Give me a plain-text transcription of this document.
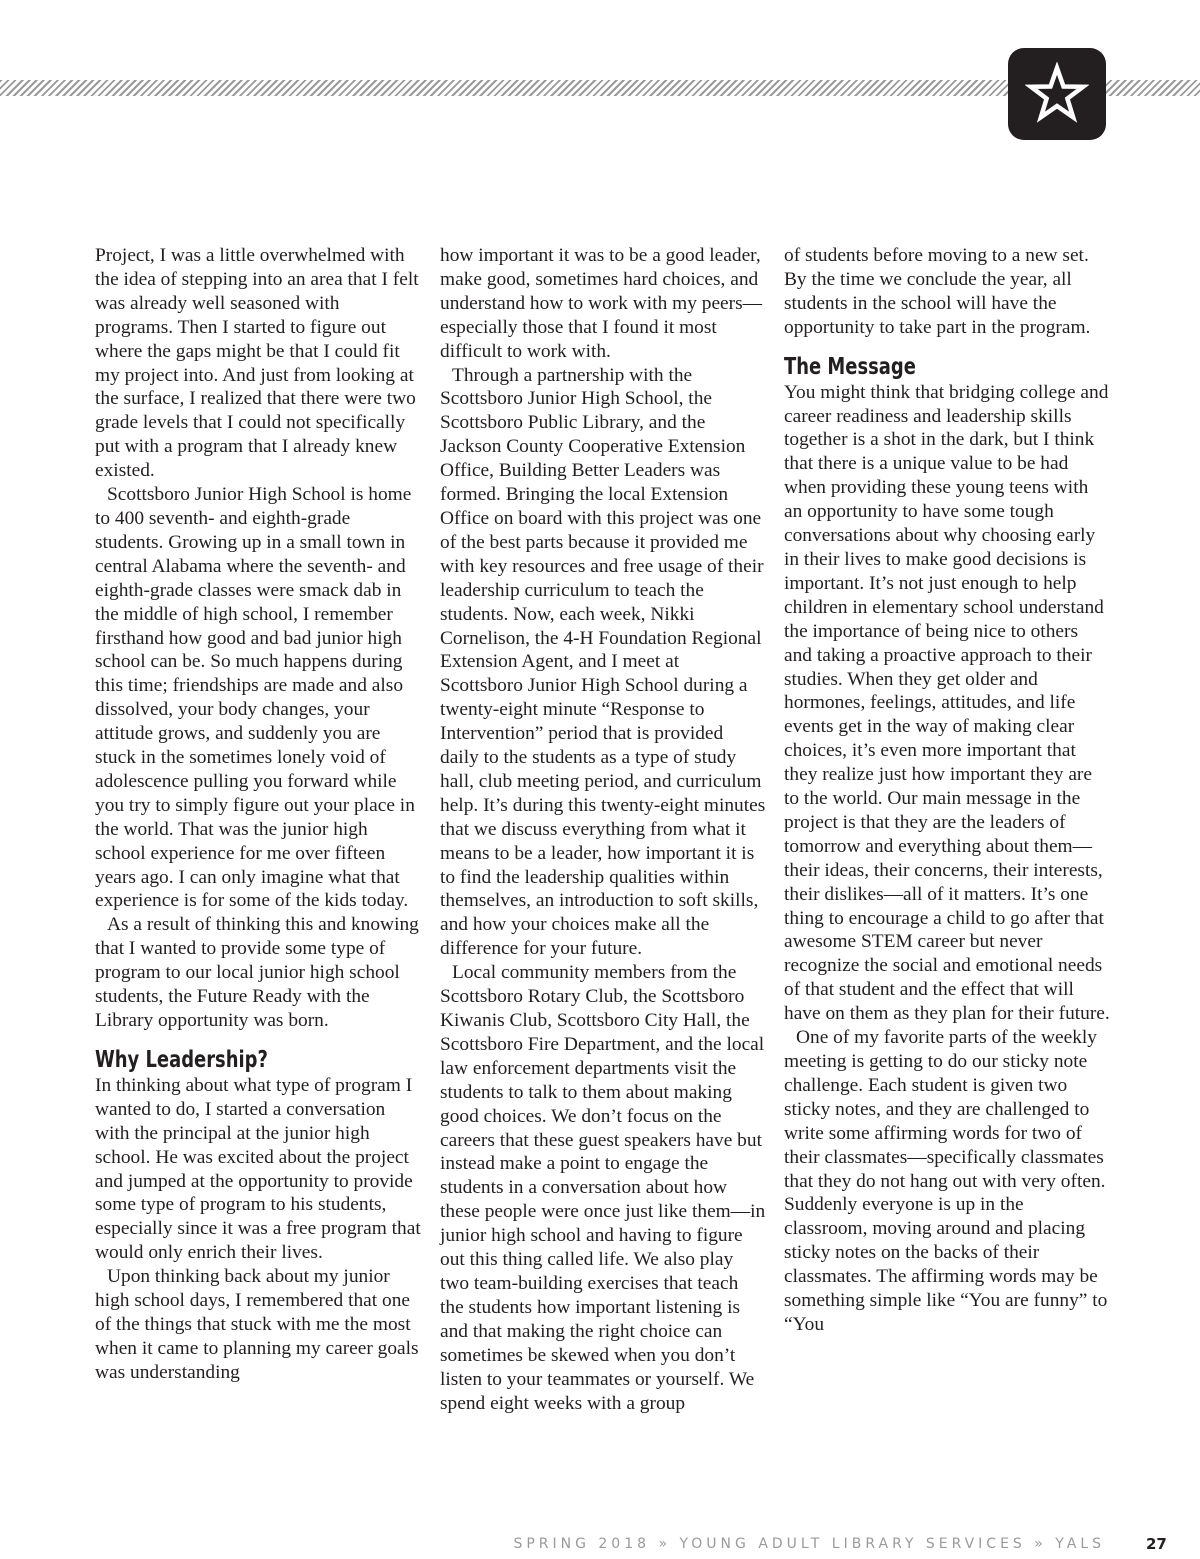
Project, I was a little overwhelmed with the idea of stepping into an area that I felt was already well seasoned with programs. Then I started to figure out where the gaps might be that I could fit my project into. And just from looking at the surface, I realized that there were two grade levels that I could not specifically put with a program that I already knew existed.

Scottsboro Junior High School is home to 400 seventh- and eighth-grade students. Growing up in a small town in central Alabama where the seventh- and eighth-grade classes were smack dab in the middle of high school, I remember firsthand how good and bad junior high school can be. So much happens during this time; friendships are made and also dissolved, your body changes, your attitude grows, and suddenly you are stuck in the sometimes lonely void of adolescence pulling you forward while you try to simply figure out your place in the world. That was the junior high school experience for me over fifteen years ago. I can only imagine what that experience is for some of the kids today.

As a result of thinking this and knowing that I wanted to provide some type of program to our local junior high school students, the Future Ready with the Library opportunity was born.

Why Leadership?

In thinking about what type of program I wanted to do, I started a conversation with the principal at the junior high school. He was excited about the project and jumped at the opportunity to provide some type of program to his students, especially since it was a free program that would only enrich their lives.

Upon thinking back about my junior high school days, I remembered that one of the things that stuck with me the most when it came to planning my career goals was understanding

how important it was to be a good leader, make good, sometimes hard choices, and understand how to work with my peers—especially those that I found it most difficult to work with.

Through a partnership with the Scottsboro Junior High School, the Scottsboro Public Library, and the Jackson County Cooperative Extension Office, Building Better Leaders was formed. Bringing the local Extension Office on board with this project was one of the best parts because it provided me with key resources and free usage of their leadership curriculum to teach the students. Now, each week, Nikki Cornelison, the 4-H Foundation Regional Extension Agent, and I meet at Scottsboro Junior High School during a twenty-eight minute “Response to Intervention” period that is provided daily to the students as a type of study hall, club meeting period, and curriculum help. It’s during this twenty-eight minutes that we discuss everything from what it means to be a leader, how important it is to find the leadership qualities within themselves, an introduction to soft skills, and how your choices make all the difference for your future.

Local community members from the Scottsboro Rotary Club, the Scottsboro Kiwanis Club, Scottsboro City Hall, the Scottsboro Fire Department, and the local law enforcement departments visit the students to talk to them about making good choices. We don’t focus on the careers that these guest speakers have but instead make a point to engage the students in a conversation about how these people were once just like them—in junior high school and having to figure out this thing called life. We also play two team-building exercises that teach the students how important listening is and that making the right choice can sometimes be skewed when you don’t listen to your teammates or yourself. We spend eight weeks with a group

of students before moving to a new set. By the time we conclude the year, all students in the school will have the opportunity to take part in the program.

The Message

You might think that bridging college and career readiness and leadership skills together is a shot in the dark, but I think that there is a unique value to be had when providing these young teens with an opportunity to have some tough conversations about why choosing early in their lives to make good decisions is important. It’s not just enough to help children in elementary school understand the importance of being nice to others and taking a proactive approach to their studies. When they get older and hormones, feelings, attitudes, and life events get in the way of making clear choices, it’s even more important that they realize just how important they are to the world. Our main message in the project is that they are the leaders of tomorrow and everything about them—their ideas, their concerns, their interests, their dislikes—all of it matters. It’s one thing to encourage a child to go after that awesome STEM career but never recognize the social and emotional needs of that student and the effect that will have on them as they plan for their future.

One of my favorite parts of the weekly meeting is getting to do our sticky note challenge. Each student is given two sticky notes, and they are challenged to write some affirming words for two of their classmates—specifically classmates that they do not hang out with very often. Suddenly everyone is up in the classroom, moving around and placing sticky notes on the backs of their classmates. The affirming words may be something simple like “You are funny” to “You

SPRING 2018 » YOUNG ADULT LIBRARY SERVICES » YALS	27
